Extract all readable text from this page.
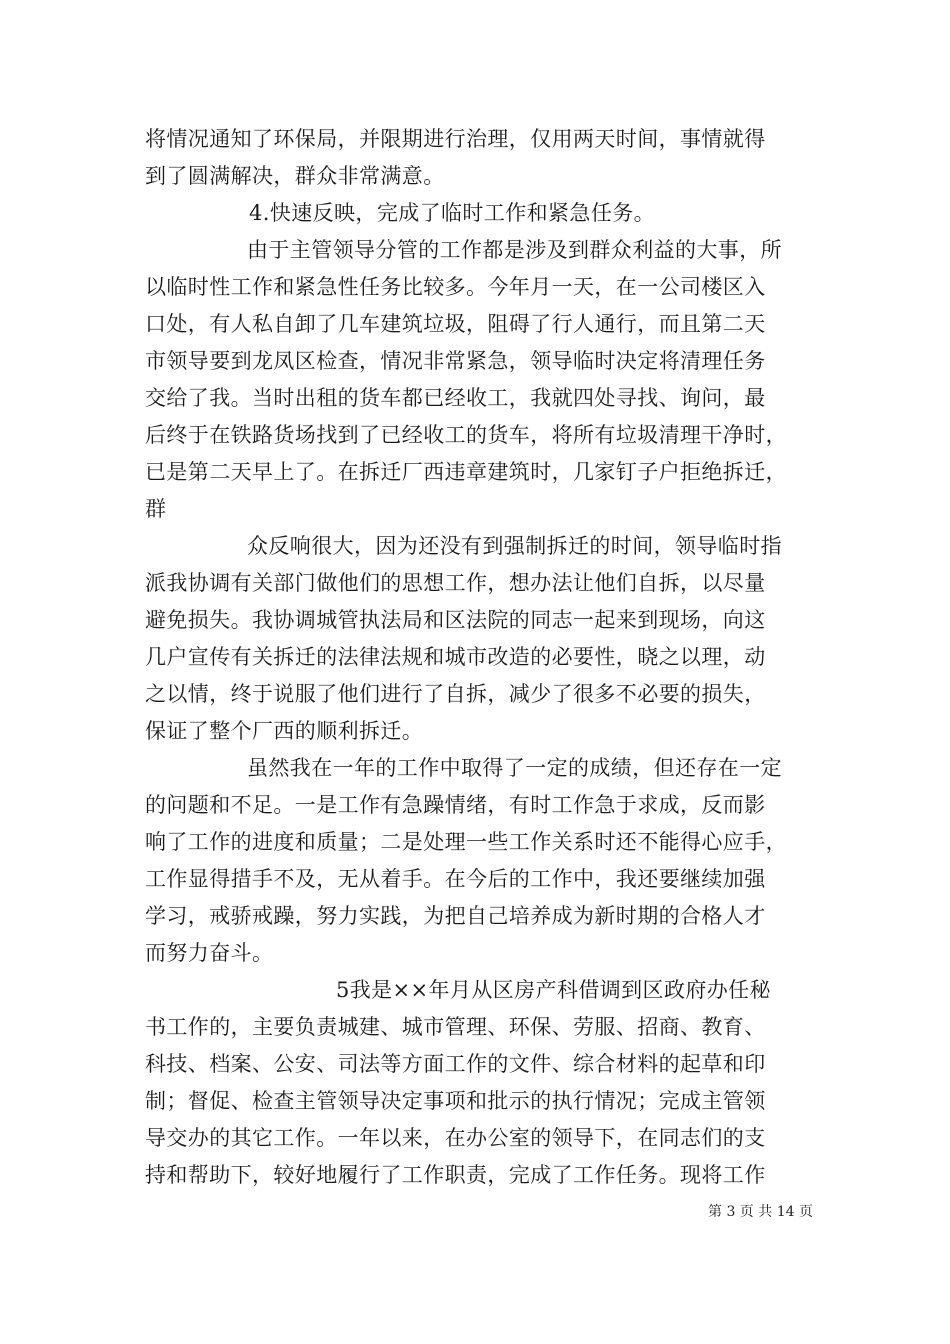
将情况通知了环保局，并限期进行治理，仅用两天时间，事情就得
到了圆满解决，群众非常满意。
4.快速反映，完成了临时工作和紧急任务。
由于主管领导分管的工作都是涉及到群众利益的大事，所
以临时性工作和紧急性任务比较多。今年月一天，在一公司楼区入
口处，有人私自卸了几车建筑垃圾，阻碍了行人通行，而且第二天
市领导要到龙凤区检查，情况非常紧急，领导临时决定将清理任务
交给了我。当时出租的货车都已经收工，我就四处寻找、询问，最
后终于在铁路货场找到了已经收工的货车，将所有垃圾清理干净时，
已是第二天早上了。在拆迁厂西违章建筑时，几家钉子户拒绝拆迁，
群
众反响很大，因为还没有到强制拆迁的时间，领导临时指
派我协调有关部门做他们的思想工作，想办法让他们自拆，以尽量
避免损失。我协调城管执法局和区法院的同志一起来到现场，向这
几户宣传有关拆迁的法律法规和城市改造的必要性，晓之以理，动
之以情，终于说服了他们进行了自拆，减少了很多不必要的损失，
保证了整个厂西的顺利拆迁。
虽然我在一年的工作中取得了一定的成绩，但还存在一定
的问题和不足。一是工作有急躁情绪，有时工作急于求成，反而影
响了工作的进度和质量；二是处理一些工作关系时还不能得心应手，
工作显得措手不及，无从着手。在今后的工作中，我还要继续加强
学习，戒骄戒躁，努力实践，为把自己培养成为新时期的合格人才
而努力奋斗。
5我是××年月从区房产科借调到区政府办任秘
书工作的，主要负责城建、城市管理、环保、劳服、招商、教育、
科技、档案、公安、司法等方面工作的文件、综合材料的起草和印
制；督促、检查主管领导决定事项和批示的执行情况；完成主管领
导交办的其它工作。一年以来，在办公室的领导下，在同志们的支
持和帮助下，较好地履行了工作职责，完成了工作任务。现将工作
第 3 页 共 14 页
